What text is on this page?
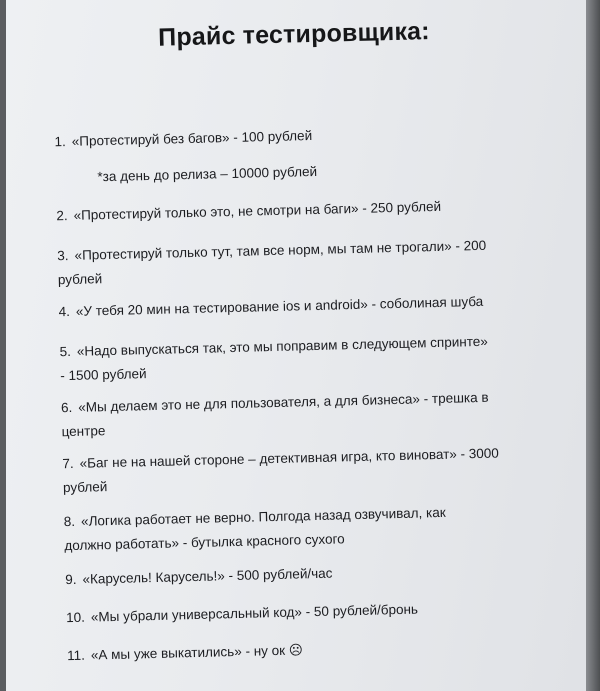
Прайс тестировщика:
1. «Протестируй без багов» - 100 рублей
*за день до релиза – 10000 рублей
2. «Протестируй только это, не смотри на баги» - 250 рублей
3. «Протестируй только тут, там все норм, мы там не трогали» - 200
рублей
4. «У тебя 20 мин на тестирование ios и android» - соболиная шуба
5. «Надо выпускаться так, это мы поправим в следующем спринте»
- 1500 рублей
6. «Мы делаем это не для пользователя, а для бизнеса» - трешка в
центре
7. «Баг не на нашей стороне – детективная игра, кто виноват» - 3000
рублей
8. «Логика работает не верно. Полгода назад озвучивал, как
должно работать» - бутылка красного сухого
9. «Карусель! Карусель!» - 500 рублей/час
10. «Мы убрали универсальный код» - 50 рублей/бронь
11. «А мы уже выкатились» - ну ок ☹
